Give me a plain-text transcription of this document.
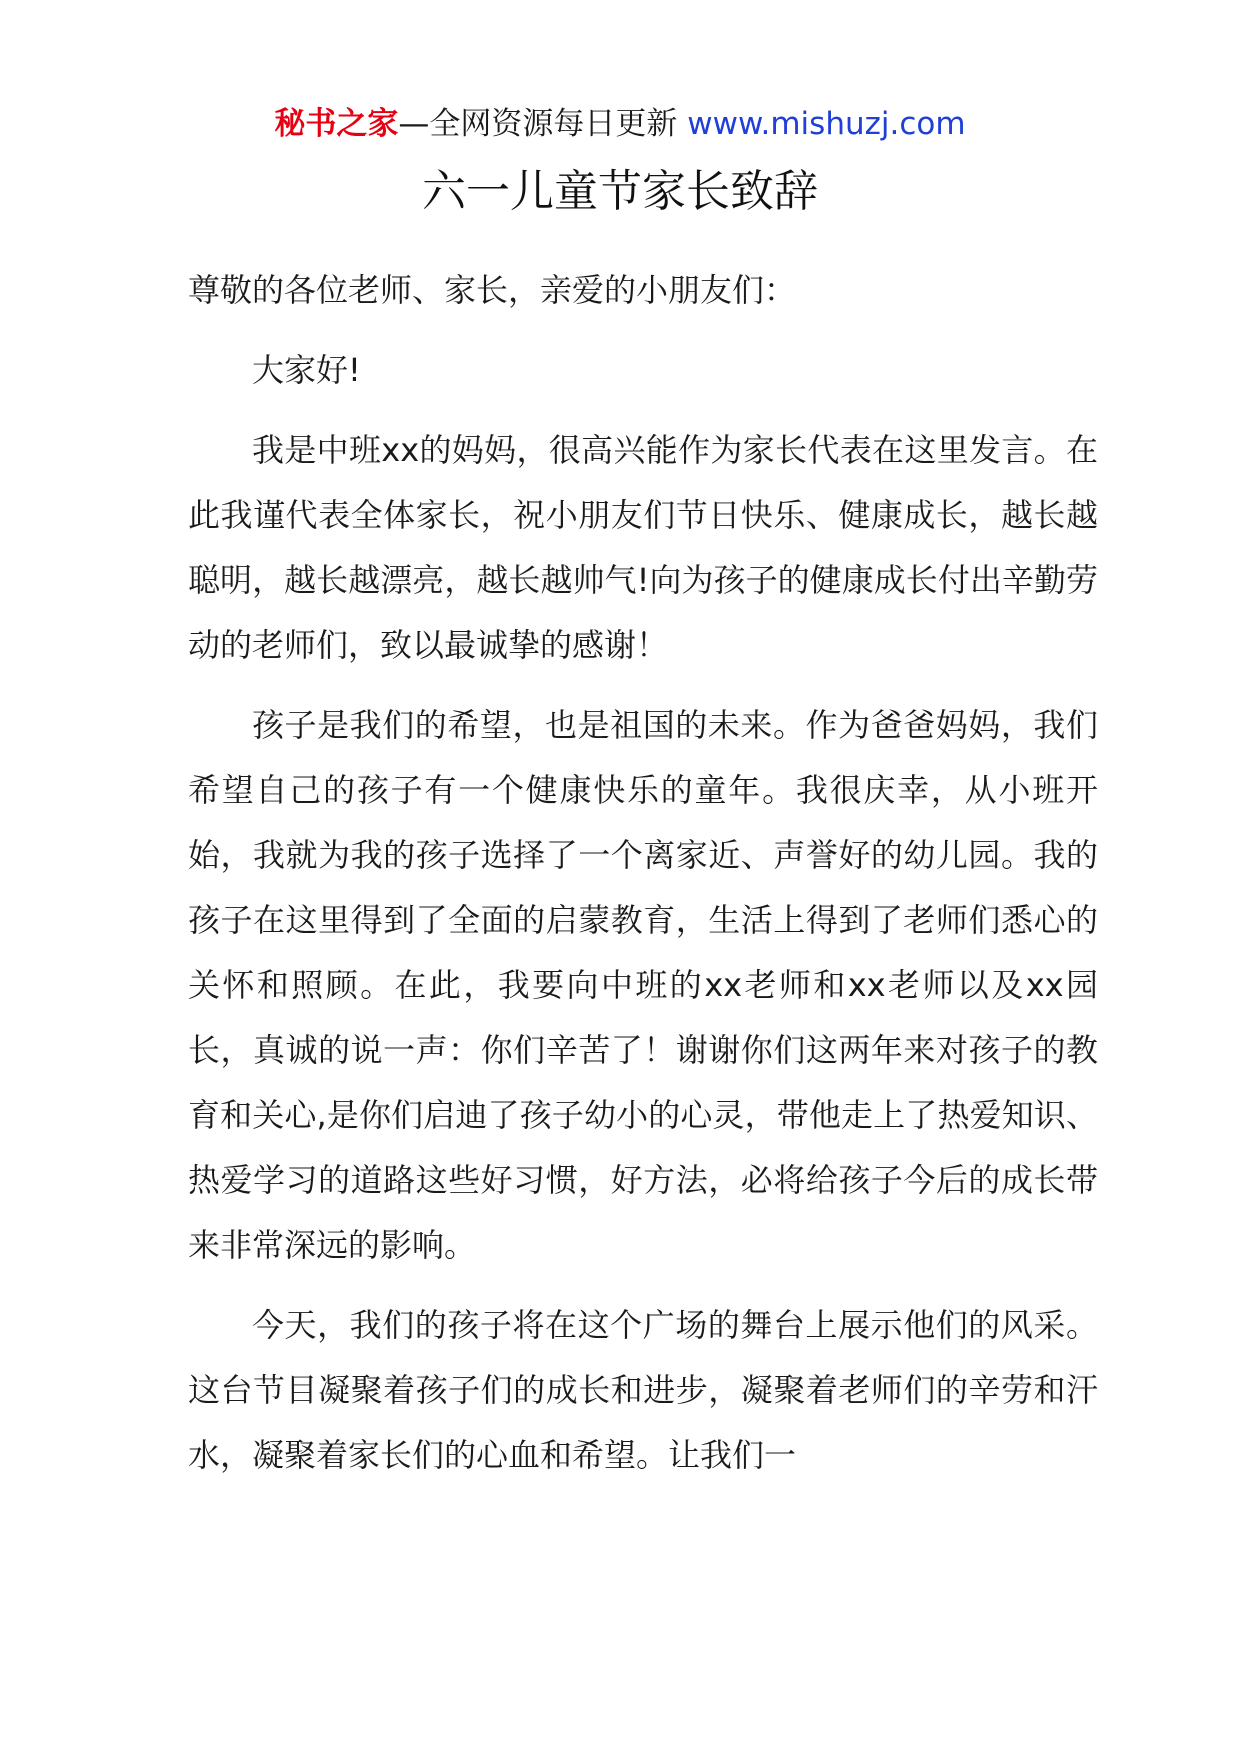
秘书之家—全网资源每日更新 www.mishuzj.com
六一儿童节家长致辞

尊敬的各位老师、家长，亲爱的小朋友们：

大家好!

我是中班xx的妈妈，很高兴能作为家长代表在这里发言。在此我谨代表全体家长，祝小朋友们节日快乐、健康成长，越长越聪明，越长越漂亮，越长越帅气!向为孩子的健康成长付出辛勤劳动的老师们，致以最诚挚的感谢！

孩子是我们的希望，也是祖国的未来。作为爸爸妈妈，我们希望自己的孩子有一个健康快乐的童年。我很庆幸，从小班开始，我就为我的孩子选择了一个离家近、声誉好的幼儿园。我的孩子在这里得到了全面的启蒙教育，生活上得到了老师们悉心的关怀和照顾。在此，我要向中班的xx老师和xx老师以及xx园长，真诚的说一声：你们辛苦了！谢谢你们这两年来对孩子的教育和关心,是你们启迪了孩子幼小的心灵，带他走上了热爱知识、热爱学习的道路这些好习惯，好方法，必将给孩子今后的成长带来非常深远的影响。

今天，我们的孩子将在这个广场的舞台上展示他们的风采。这台节目凝聚着孩子们的成长和进步，凝聚着老师们的辛劳和汗水，凝聚着家长们的心血和希望。让我们一
